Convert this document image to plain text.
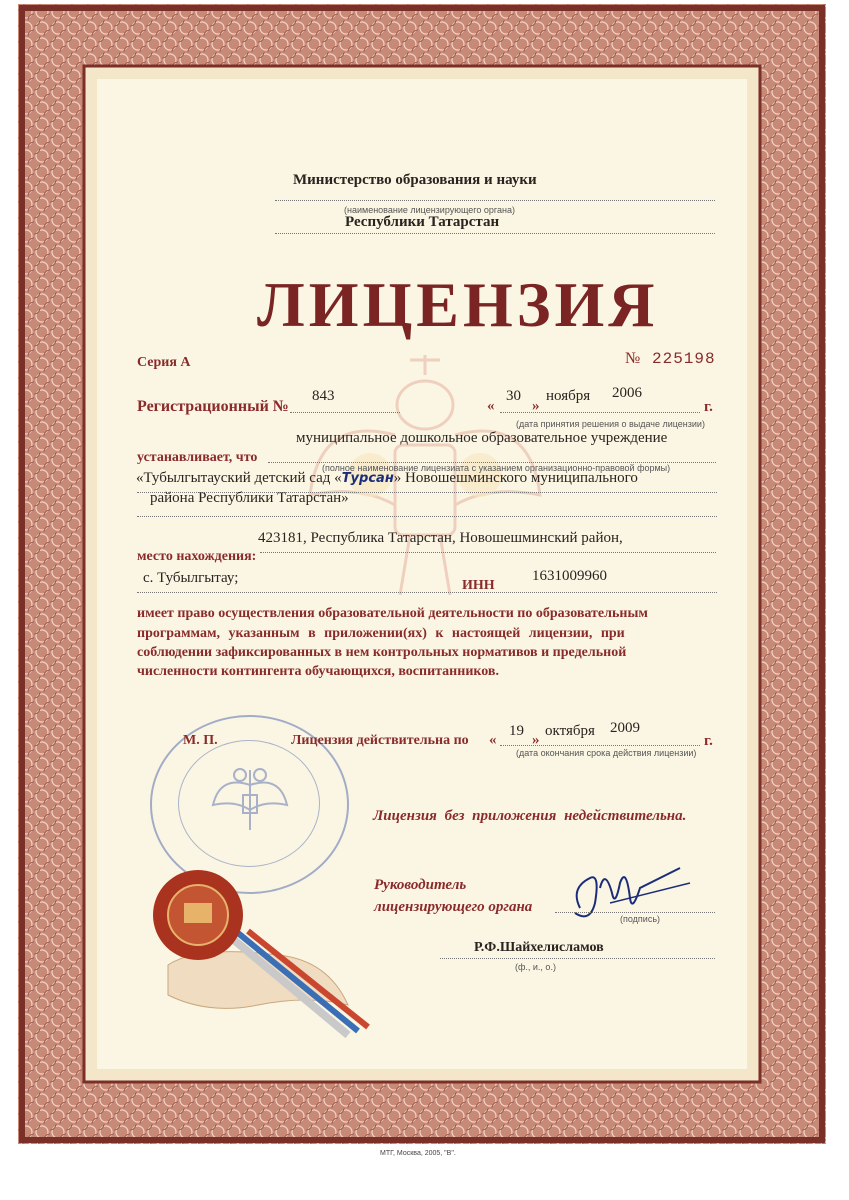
Министерство образования и науки
(наименование лицензирующего органа)
Республики Татарстан
ЛИЦЕНЗИЯ
Серия А	№ 225198
Регистрационный №
843
«
30
»
ноября 2006
г.
(дата принятия решения о выдаче лицензии)
муниципальное дошкольное образовательное учреждение
устанавливает, что
(полное наименование лицензиата с указанием организационно-правовой формы)
«Тубылгытауский детский сад «Турсан» Новошешминского муниципального
района Республики Татарстан»
423181, Республика Татарстан, Новошешминский район,
место нахождения:
с. Тубылгытау;	ИНН
1631009960
имеет право осуществления образовательной деятельности по образовательным
программам, указанным в приложении(ях) к настоящей лицензии, при
соблюдении зафиксированных в нем контрольных нормативов и предельной
численности контингента обучающихся, воспитанников.
М. П.	Лицензия действительна по «
19
»
октября 2009
г.
(дата окончания срока действия лицензии)
Лицензия без приложения недействительна.
Руководитель
лицензирующего органа
(подпись)
Р.Ф.Шайхелисламов
(ф., и., о.)
МТГ, Москва, 2005, "В".
